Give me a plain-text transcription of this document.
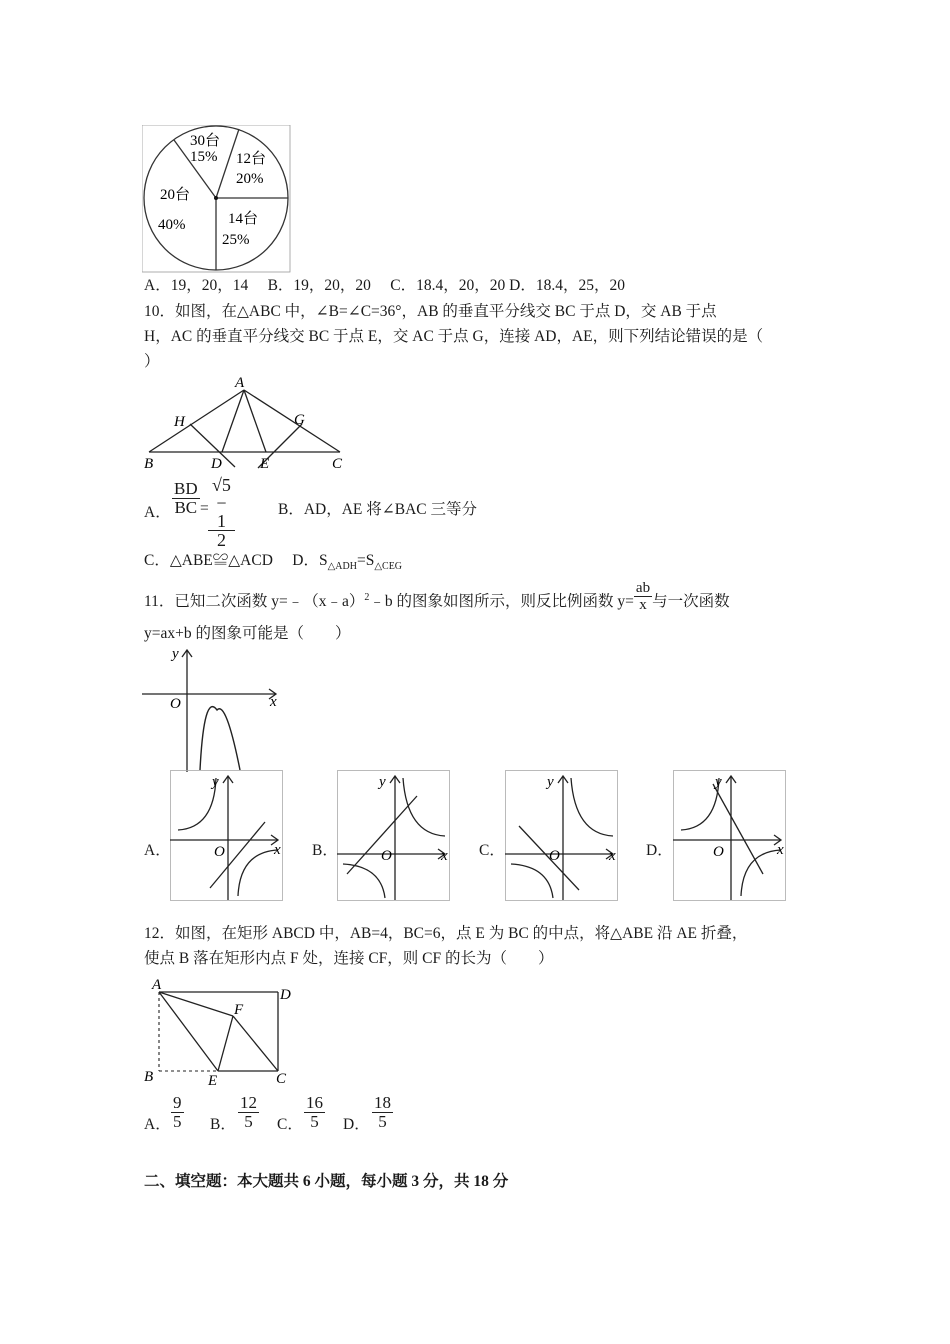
30台
15% 12台
20%
14台
25%
20台
40%
A．19，20，14　 B．19，20，20　 C．18.4，20，20 D．18.4，25，20
10．如图，在△ABC 中，∠B=∠C=36°，AB 的垂直平分线交 BC 于点 D，交 AB 于点
H，AC 的垂直平分线交 BC 于点 E，交 AC 于点 G，连接 AD，AE，则下列结论错误的是（
）
A
B	C
D	E
H	G
A． $\frac{BD}{BC} = \frac{√5 - 1}{2}$	B．AD，AE 将∠BAC 三等分
C．△ABE≌△ACD　 D．$S_{\triangle ADH}=S_{\triangle CEG}$
11．已知二次函数 y=﹣（x﹣a）$^2$﹣b 的图象如图所示，则反比例函数 $y= \frac{ab}{x}$ 与一次函数
y=ax+b 的图象可能是（　　）
y
x
O
A．
y
x
O	B．
y
x
O	C．
y
x
O	D．
y
x
O
12．如图，在矩形 ABCD 中，AB=4，BC=6，点 E 为 BC 的中点，将△ABE 沿 AE 折叠，
使点 B 落在矩形内点 F 处，连接 CF，则 CF 的长为（　　）
A
D
F
B	E	C
A． $\frac{9}{5}$ B． $\frac{12}{5}$ C． $\frac{16}{5}$ D． $\frac{18}{5}$
二、填空题：本大题共 6 小题，每小题 3 分，共 18 分
